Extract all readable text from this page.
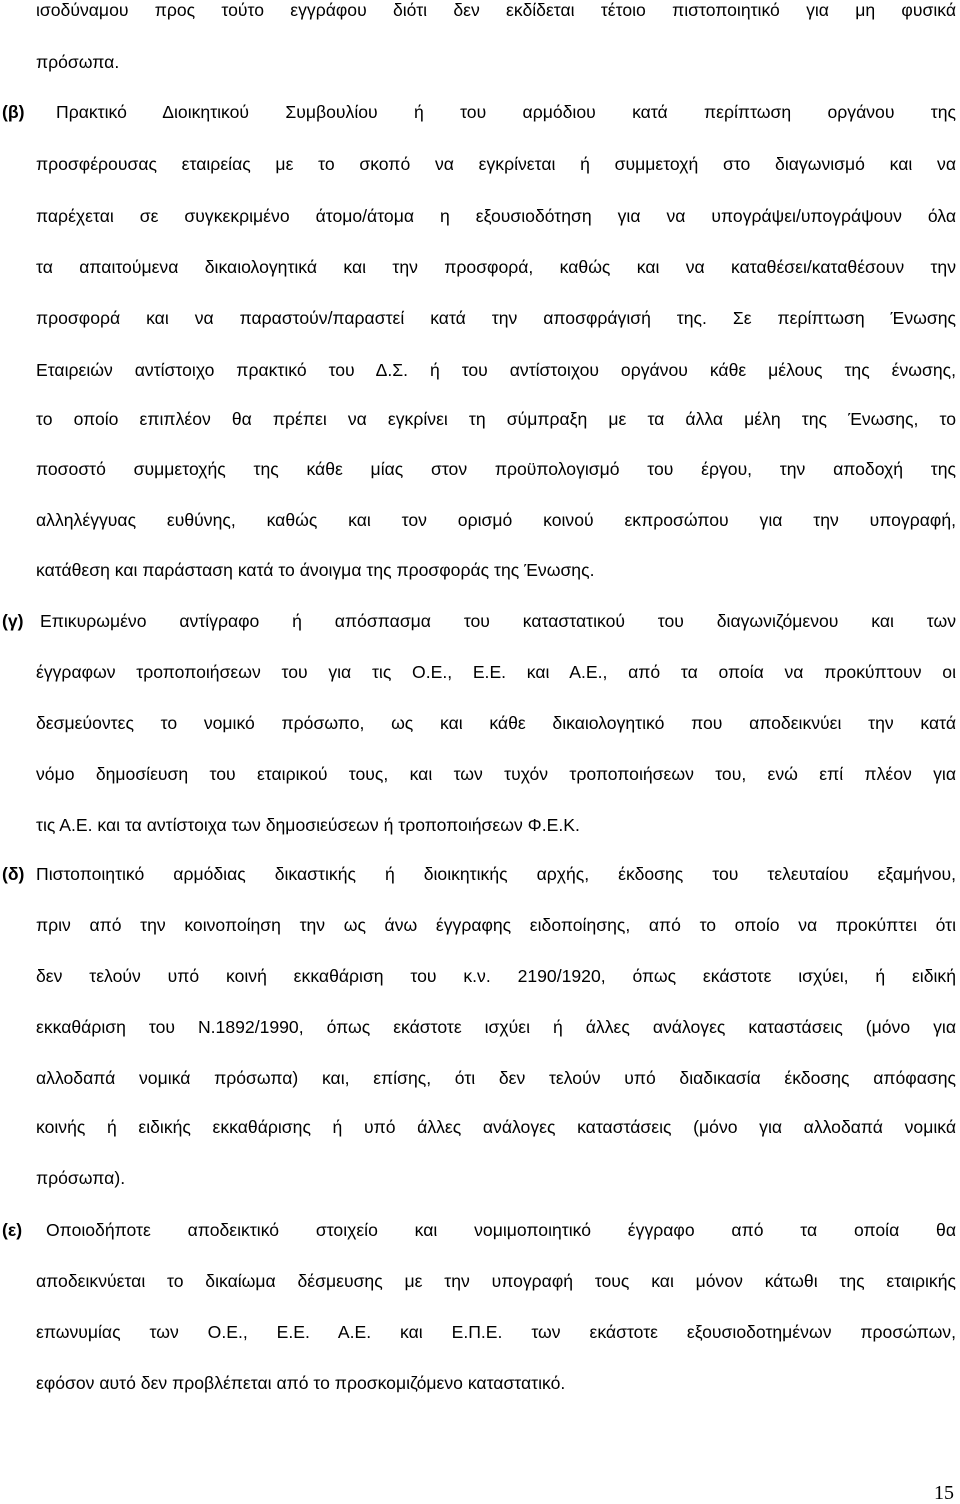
ισοδύναμου προς τούτο εγγράφου διότι δεν εκδίδεται τέτοιο πιστοποιητικό για μη φυσικά
πρόσωπα.
(β) Πρακτικό Διοικητικού Συμβουλίου ή του αρμόδιου κατά περίπτωση οργάνου της
προσφέρουσας εταιρείας με το σκοπό να εγκρίνεται ή συμμετοχή στο διαγωνισμό και να
παρέχεται σε συγκεκριμένο άτομο/άτομα η εξουσιοδότηση για να υπογράψει/υπογράψουν όλα
τα απαιτούμενα δικαιολογητικά και την προσφορά, καθώς και να καταθέσει/καταθέσουν την
προσφορά και να παραστούν/παραστεί κατά την αποσφράγισή της. Σε περίπτωση Ένωσης
Εταιρειών αντίστοιχο πρακτικό του Δ.Σ. ή του αντίστοιχου οργάνου κάθε μέλους της ένωσης,
το οποίο επιπλέον θα πρέπει να εγκρίνει τη σύμπραξη με τα άλλα μέλη της Ένωσης, το
ποσοστό συμμετοχής της κάθε μίας στον προϋπολογισμό του έργου, την αποδοχή της
αλληλέγγυας ευθύνης, καθώς και τον ορισμό κοινού εκπροσώπου για την υπογραφή,
κατάθεση και παράσταση κατά το άνοιγμα της προσφοράς της Ένωσης.
(γ) Επικυρωμένο αντίγραφο ή απόσπασμα του καταστατικού του διαγωνιζόμενου και των
έγγραφων τροποποιήσεων του για τις Ο.Ε., Ε.Ε. και Α.Ε., από τα οποία να προκύπτουν οι
δεσμεύοντες το νομικό πρόσωπο, ως και κάθε δικαιολογητικό που αποδεικνύει την κατά
νόμο δημοσίευση του εταιρικού τους, και των τυχόν τροποποιήσεων του, ενώ επί πλέον για
τις Α.Ε. και τα αντίστοιχα των δημοσιεύσεων ή τροποποιήσεων Φ.Ε.Κ.
(δ) Πιστοποιητικό αρμόδιας δικαστικής ή διοικητικής αρχής, έκδοσης του τελευταίου εξαμήνου,
πριν από την κοινοποίηση την ως άνω έγγραφης ειδοποίησης, από το οποίο να προκύπτει ότι
δεν τελούν υπό κοινή εκκαθάριση του κ.ν. 2190/1920, όπως εκάστοτε ισχύει, ή ειδική
εκκαθάριση του Ν.1892/1990, όπως εκάστοτε ισχύει ή άλλες ανάλογες καταστάσεις (μόνο για
αλλοδαπά νομικά πρόσωπα) και, επίσης, ότι δεν τελούν υπό διαδικασία έκδοσης απόφασης
κοινής ή ειδικής εκκαθάρισης ή υπό άλλες ανάλογες καταστάσεις (μόνο για αλλοδαπά νομικά
πρόσωπα).
(ε) Οποιοδήποτε αποδεικτικό στοιχείο και νομιμοποιητικό έγγραφο από τα οποία θα
αποδεικνύεται το δικαίωμα δέσμευσης με την υπογραφή τους και μόνον κάτωθι της εταιρικής
επωνυμίας των Ο.Ε., Ε.Ε. Α.Ε. και Ε.Π.Ε. των εκάστοτε εξουσιοδοτημένων προσώπων,
εφόσον αυτό δεν προβλέπεται από το προσκομιζόμενο καταστατικό.
15
